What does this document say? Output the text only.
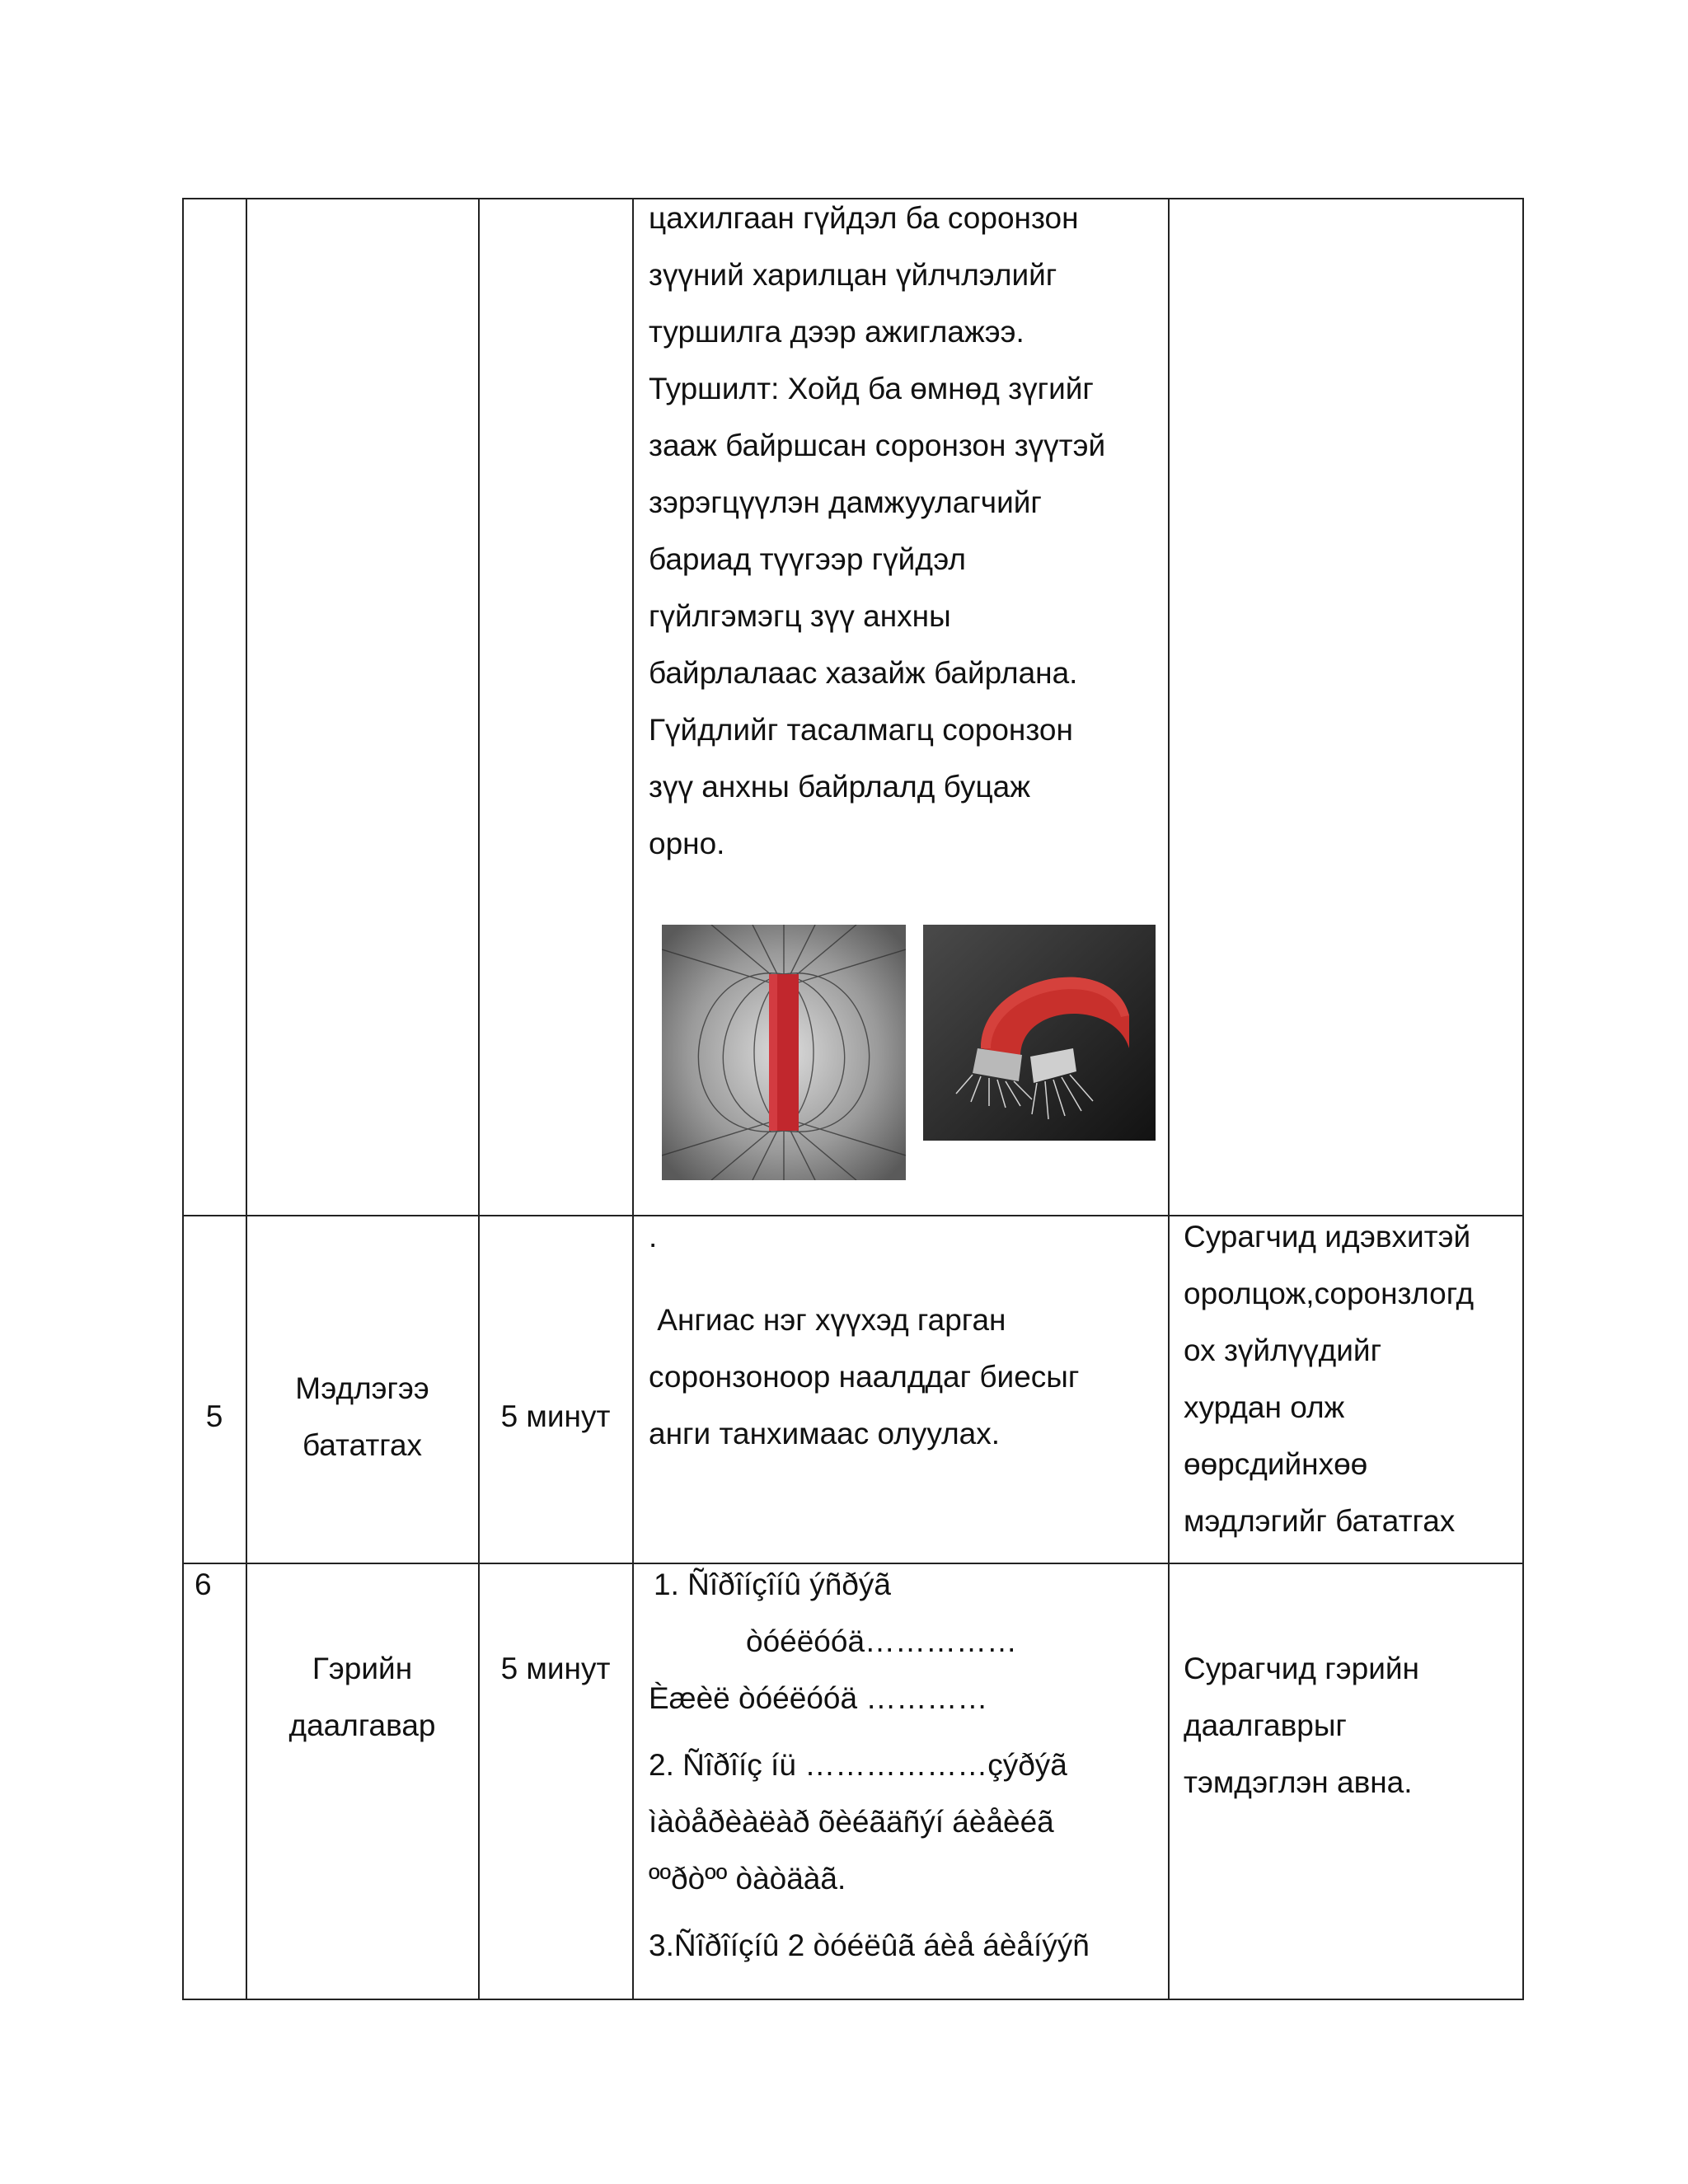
цахилгаан гүйдэл ба соронзон

зүүний харилцан үйлчлэлийг

туршилга дээр ажиглажээ.

Туршилт: Хойд ба өмнөд зүгийг

зааж байршсан соронзон зүүтэй

зэрэгцүүлэн дамжуулагчийг

бариад түүгээр гүйдэл

гүйлгэмэгц зүү анхны

байрлалаас хазайж байрлана.

Гүйдлийг тасалмагц соронзон

зүү анхны байрлалд буцаж

орно.

5

Мэдлэгээ

бататгах

5 минут

.

Ангиас нэг хүүхэд гарган

соронзоноор наалддаг биесыг

анги танхимаас олуулах.

Сурагчид идэвхитэй

оролцож,соронзлогд

ох зүйлүүдийг

хурдан олж

өөрсдийнхөө

мэдлэгийг бататгах

6

Гэрийн

даалгавар

5 минут

1. Ñîðîíçîíû ýñðýã

òóéëóóä……………

Èæèë òóéëóóä …………

2. Ñîðîíç íü ………………çýðýã

ìàòåðèàëàð õèéãäñýí áèåèéã

ººðòºº òàòäàã.

3.Ñîðîíçíû 2 òóéëûã áèå áèåíýýñ

Сурагчид гэрийн

даалгаврыг

тэмдэглэн авна.
